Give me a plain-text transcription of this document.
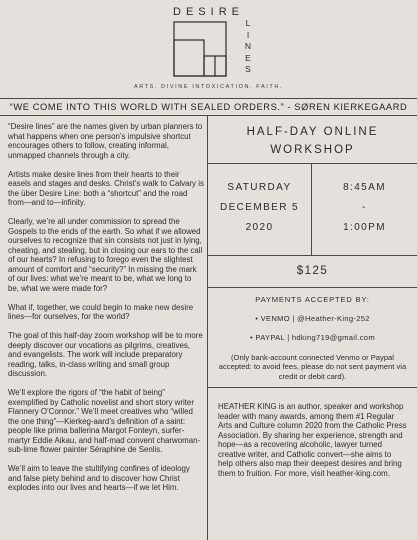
DESIRE
L
I
N
E
S
ARTS. DIVINE INTOXICATION. FAITH.
“WE COME INTO THIS WORLD WITH SEALED ORDERS.” - SØREN KIERKEGAARD

“Desire lines” are the names given by urban planners to what happens when one person’s impulsive shortcut encourages others to follow, creating informal, unmapped channels through a city.

Artists make desire lines from their hearts to their easels and stages and desks. Christ’s walk to Calvary is the über Desire Line: both a “shortcut” and the road from—and to—infinity.

Clearly, we’re all under commission to spread the Gospels to the ends of the earth. So what if we allowed ourselves to recognize that sin consists not just in lying, cheating, and stealing, but in closing our ears to the call of our hearts? In refusing to forego even the slightest amount of comfort and “security?” In missing the mark of our lives: what we’re meant to be, what we long to be, what we were made for?

What if, together, we could begin to make new desire lines—for ourselves, for the world?

The goal of this half-day zoom workshop will be to more deeply discover our vocations as pilgrims, creatives, and evangelists. The work will include preparatory reading, talks, in-class writing and small group discussion.

We’ll explore the rigors of “the habit of being” exemplified by Catholic novelist and short story writer Flannery O’Connor.” We’ll meet creatives who “willed the one thing”—Kierkeg-aard’s definition of a saint: people like prima ballerina Margot Fonteyn, surfer-martyr Eddie Aikau, and half-mad convent charwoman-sub-lime flower painter Séraphine de Senlis.

We’ll aim to leave the stultifying confines of ideology and false piety behind and to discover how Christ explodes into our lives and hearts—if we let Him.

HALF-DAY ONLINE
WORKSHOP
SATURDAY
DECEMBER 5
2020
8:45AM
-
1:00PM
$125
PAYMENTS ACCEPTED BY:
• VENMO | @Heather-King-252
• PAYPAL | hdking719@gmail.com
(Only bank-account connected Venmo or Paypal accepted: to avoid fees, please do not sent payment via credit or debit card).
HEATHER KING is an author, speaker and workshop leader with many awards, among them #1 Regular Arts and Culture column 2020 from the Catholic Press Association. By sharing her experience, strength and hope—as a recovering alcoholic, lawyer turned creative writer, and Catholic convert—she aims to help others also map their deepest desires and bring them to fruition. For more, visit heather-king.com.
